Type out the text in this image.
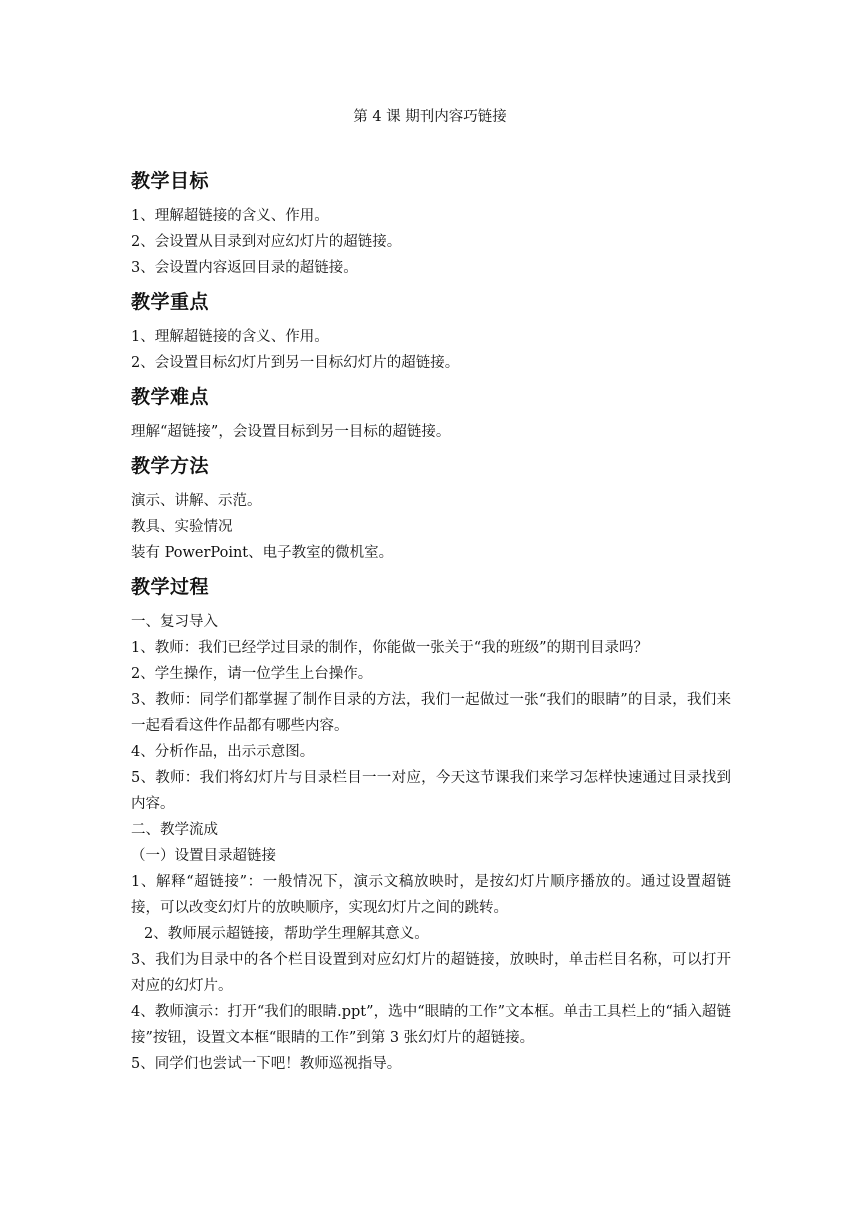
第 4 课 期刊内容巧链接
教学目标

1、理解超链接的含义、作用。

2、会设置从目录到对应幻灯片的超链接。

3、会设置内容返回目录的超链接。

教学重点

1、理解超链接的含义、作用。

2、会设置目标幻灯片到另一目标幻灯片的超链接。

教学难点

理解“超链接”，会设置目标到另一目标的超链接。

教学方法

演示、讲解、示范。

教具、实验情况

装有 PowerPoint、电子教室的微机室。

教学过程

一、复习导入

1、教师：我们已经学过目录的制作，你能做一张关于“我的班级”的期刊目录吗？

2、学生操作，请一位学生上台操作。

3、教师：同学们都掌握了制作目录的方法，我们一起做过一张“我们的眼睛”的目录，我们来一起看看这件作品都有哪些内容。

4、分析作品，出示示意图。

5、教师：我们将幻灯片与目录栏目一一对应，今天这节课我们来学习怎样快速通过目录找到内容。

二、教学流成

（一）设置目录超链接

1、解释“超链接”：一般情况下，演示文稿放映时，是按幻灯片顺序播放的。通过设置超链接，可以改变幻灯片的放映顺序，实现幻灯片之间的跳转。

2、教师展示超链接，帮助学生理解其意义。

3、我们为目录中的各个栏目设置到对应幻灯片的超链接，放映时，单击栏目名称，可以打开对应的幻灯片。

4、教师演示：打开“我们的眼睛.ppt”，选中“眼睛的工作”文本框。单击工具栏上的“插入超链接”按钮，设置文本框“眼睛的工作”到第 3 张幻灯片的超链接。

5、同学们也尝试一下吧！教师巡视指导。
